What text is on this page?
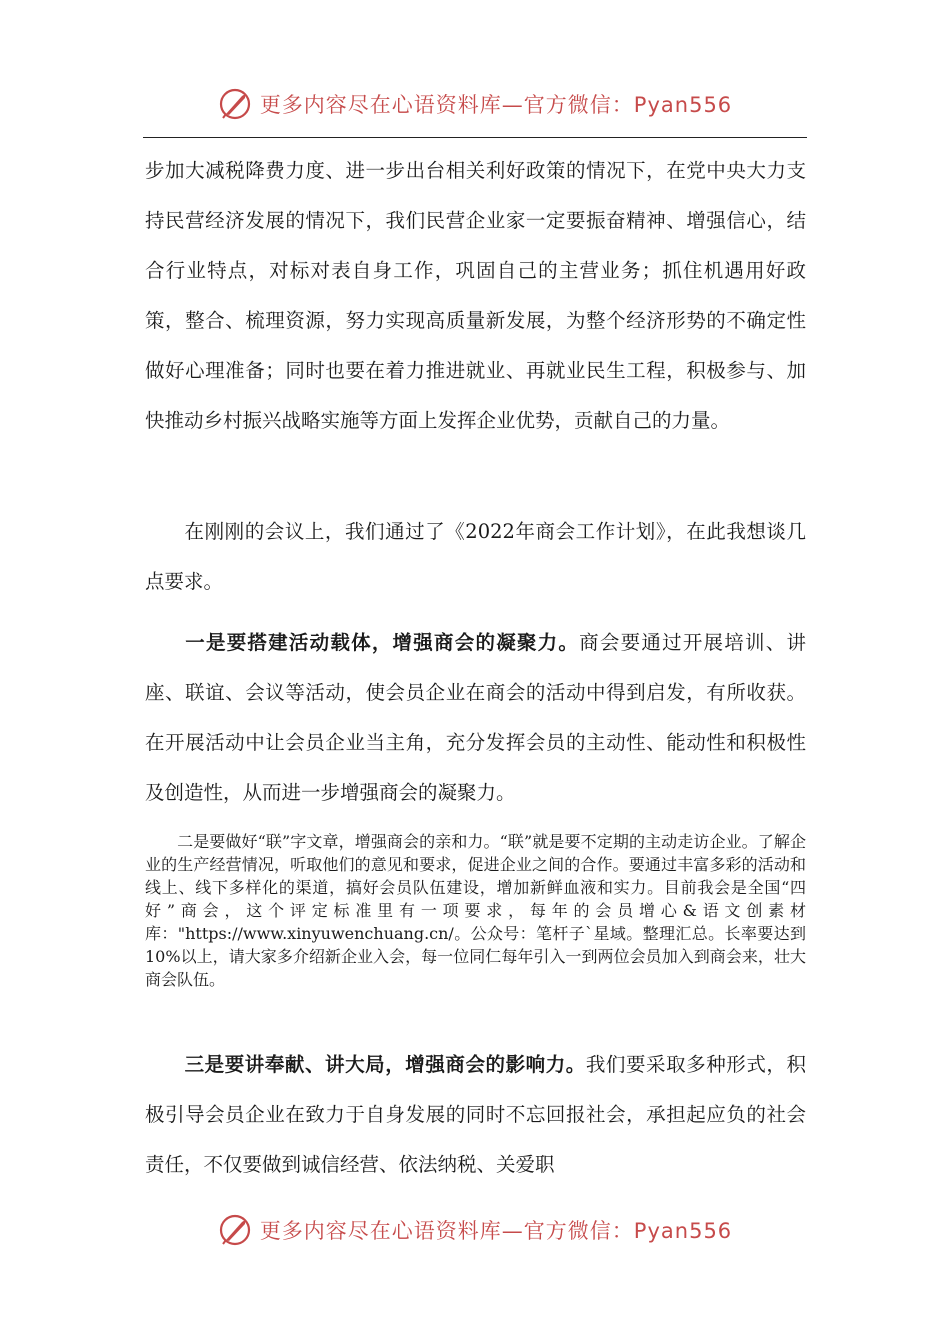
更多内容尽在心语资料库—官方微信：Pyan556

步加大减税降费力度、进一步出台相关利好政策的情况下，在党中央大力支持民营经济发展的情况下，我们民营企业家一定要振奋精神、增强信心，结合行业特点，对标对表自身工作，巩固自己的主营业务；抓住机遇用好政策，整合、梳理资源，努力实现高质量新发展，为整个经济形势的不确定性做好心理准备；同时也要在着力推进就业、再就业民生工程，积极参与、加快推动乡村振兴战略实施等方面上发挥企业优势，贡献自己的力量。

在刚刚的会议上，我们通过了《2022年商会工作计划》，在此我想谈几点要求。

一是要搭建活动载体，增强商会的凝聚力。商会要通过开展培训、讲座、联谊、会议等活动，使会员企业在商会的活动中得到启发，有所收获。在开展活动中让会员企业当主角，充分发挥会员的主动性、能动性和积极性及创造性，从而进一步增强商会的凝聚力。

二是要做好“联”字文章，增强商会的亲和力。“联”就是要不定期的主动走访企业。了解企业的生产经营情况，听取他们的意见和要求，促进企业之间的合作。要通过丰富多彩的活动和线上、线下多样化的渠道，搞好会员队伍建设，增加新鲜血液和实力。目前我会是全国“四好”商会，这个评定标准里有一项要求，每年的会员增心&语文创素材库："https://www.xinyuwenchuang.cn/。公众号：笔杆子`星域。整理汇总。长率要达到10%以上，请大家多介绍新企业入会，每一位同仁每年引入一到两位会员加入到商会来，壮大商会队伍。

三是要讲奉献、讲大局，增强商会的影响力。我们要采取多种形式，积极引导会员企业在致力于自身发展的同时不忘回报社会，承担起应负的社会责任，不仅要做到诚信经营、依法纳税、关爱职

更多内容尽在心语资料库—官方微信：Pyan556
